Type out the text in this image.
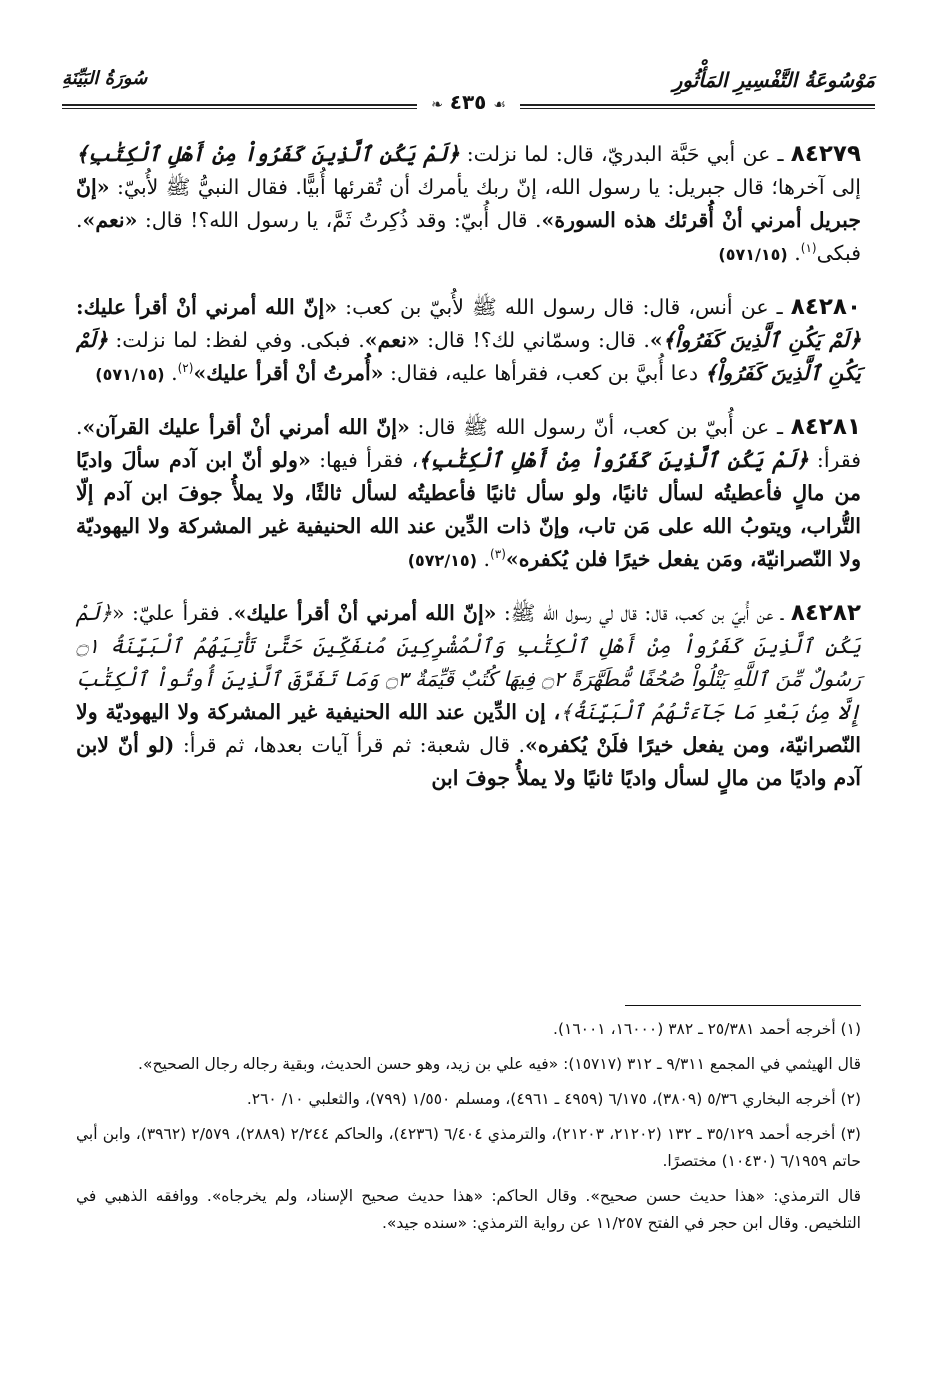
مَوْسُوعَةُ التَّفْسِيرِ المَأْثُورِ
سُورَةُ البَيِّنَةِ
☙ ٤٣٥ ❧

٨٤٢٧٩ ـ عن أبي حَبَّة البدريّ، قال: لما نزلت: ﴿لَمْ يَكُنِ ٱلَّذِينَ كَفَرُواْ مِنْ أَهْلِ ٱلْكِتَٰبِ﴾ إلى آخرها؛ قال جبريل: يا رسول الله، إنّ ربك يأمرك أن تُقرئها أُبيًّا. فقال النبيُّ ﷺ لأُبيّ: «إنّ جبريل أمرني أنْ أُقرئك هذه السورة». قال أُبيّ: وقد ذُكِرتُ ثَمَّ، يا رسول الله؟! قال: «نعم». فبكى$^{(١)}$. (٥٧١/١٥)

٨٤٢٨٠ ـ عن أنس، قال: قال رسول الله ﷺ لأُبيّ بن كعب: «إنّ الله أمرني أنْ أقرأ عليك: ﴿لَمْ يَكُنِ ٱلَّذِينَ كَفَرُواْ﴾». قال: وسمّاني لك؟! قال: «نعم». فبكى. وفي لفظ: لما نزلت: ﴿لَمْ يَكُنِ ٱلَّذِينَ كَفَرُواْ﴾ دعا أُبيَّ بن كعب، فقرأها عليه، فقال: «أُمرتُ أنْ أقرأ عليك»$^{(٢)}$. (٥٧١/١٥)

٨٤٢٨١ ـ عن أُبيّ بن كعب، أنّ رسول الله ﷺ قال: «إنّ الله أمرني أنْ أقرأ عليك القرآن». فقرأ: ﴿لَمْ يَكُنِ ٱلَّذِينَ كَفَرُواْ مِنْ أَهْلِ ٱلْكِتَٰبِ﴾، فقرأ فيها: «ولو أنّ ابن آدم سألَ واديًا من مالٍ فأعطيتُه لسأل ثانيًا، ولو سأل ثانيًا فأعطيتُه لسأل ثالثًا، ولا يملأُ جوفَ ابن آدم إلّا التُّراب، ويتوبُ الله على مَن تاب، وإنّ ذات الدِّين عند الله الحنيفية غير المشركة ولا اليهوديّة ولا النّصرانيّة، ومَن يفعل خيرًا فلن يُكفره»$^{(٣)}$. (٥٧٢/١٥)

٨٤٢٨٢ ـ عن أُبيّ بن كعب، قال: قال لي رسول الله ﷺ: «إنّ الله أمرني أنْ أقرأ عليك». فقرأ عليّ: «﴿لَمْ يَكُنِ ٱلَّذِينَ كَفَرُواْ مِنْ أَهْلِ ٱلْكِتَٰبِ وَٱلْمُشْرِكِينَ مُنفَكِّينَ حَتَّىٰ تَأْتِيَهُمُ ٱلْبَيِّنَةُ ۝١ رَسُولٌ مِّنَ ٱللَّهِ يَتْلُواْ صُحُفًا مُّطَهَّرَةً ۝٢ فِيهَا كُتُبٌ قَيِّمَةٌ ۝٣ وَمَا تَفَرَّقَ ٱلَّذِينَ أُوتُواْ ٱلْكِتَٰبَ إِلَّا مِنۢ بَعْدِ مَا جَآءَتْهُمُ ٱلْبَيِّنَةُ﴾، إن الدِّين عند الله الحنيفية غير المشركة ولا اليهوديّة ولا النّصرانيّة، ومن يفعل خيرًا فلَنْ يُكفره». قال شعبة: ثم قرأ آيات بعدها، ثم قرأ: (لو أنّ لابن آدم واديًا من مالٍ لسأل واديًا ثانيًا ولا يملأُ جوفَ ابن

(١) أخرجه أحمد ٢٥/٣٨١ ـ ٣٨٢ (١٦٠٠٠، ١٦٠٠١).

قال الهيثمي في المجمع ٩/٣١١ ـ ٣١٢ (١٥٧١٧): «فيه علي بن زيد، وهو حسن الحديث، وبقية رجاله رجال الصحيح».

(٢) أخرجه البخاري ٥/٣٦ (٣٨٠٩)، ٦/١٧٥ (٤٩٥٩ ـ ٤٩٦١)، ومسلم ١/٥٥٠ (٧٩٩)، والثعلبي ١٠/ ٢٦٠.

(٣) أخرجه أحمد ٣٥/١٢٩ ـ ١٣٢ (٢١٢٠٢، ٢١٢٠٣)، والترمذي ٦/٤٠٤ (٤٢٣٦)، والحاكم ٢/٢٤٤ (٢٨٨٩)، ٢/٥٧٩ (٣٩٦٢)، وابن أبي حاتم ٦/١٩٥٩ (١٠٤٣٠) مختصرًا.

قال الترمذي: «هذا حديث حسن صحيح». وقال الحاكم: «هذا حديث صحيح الإسناد، ولم يخرجاه». ووافقه الذهبي في التلخيص. وقال ابن حجر في الفتح ١١/٢٥٧ عن رواية الترمذي: «سنده جيد».
